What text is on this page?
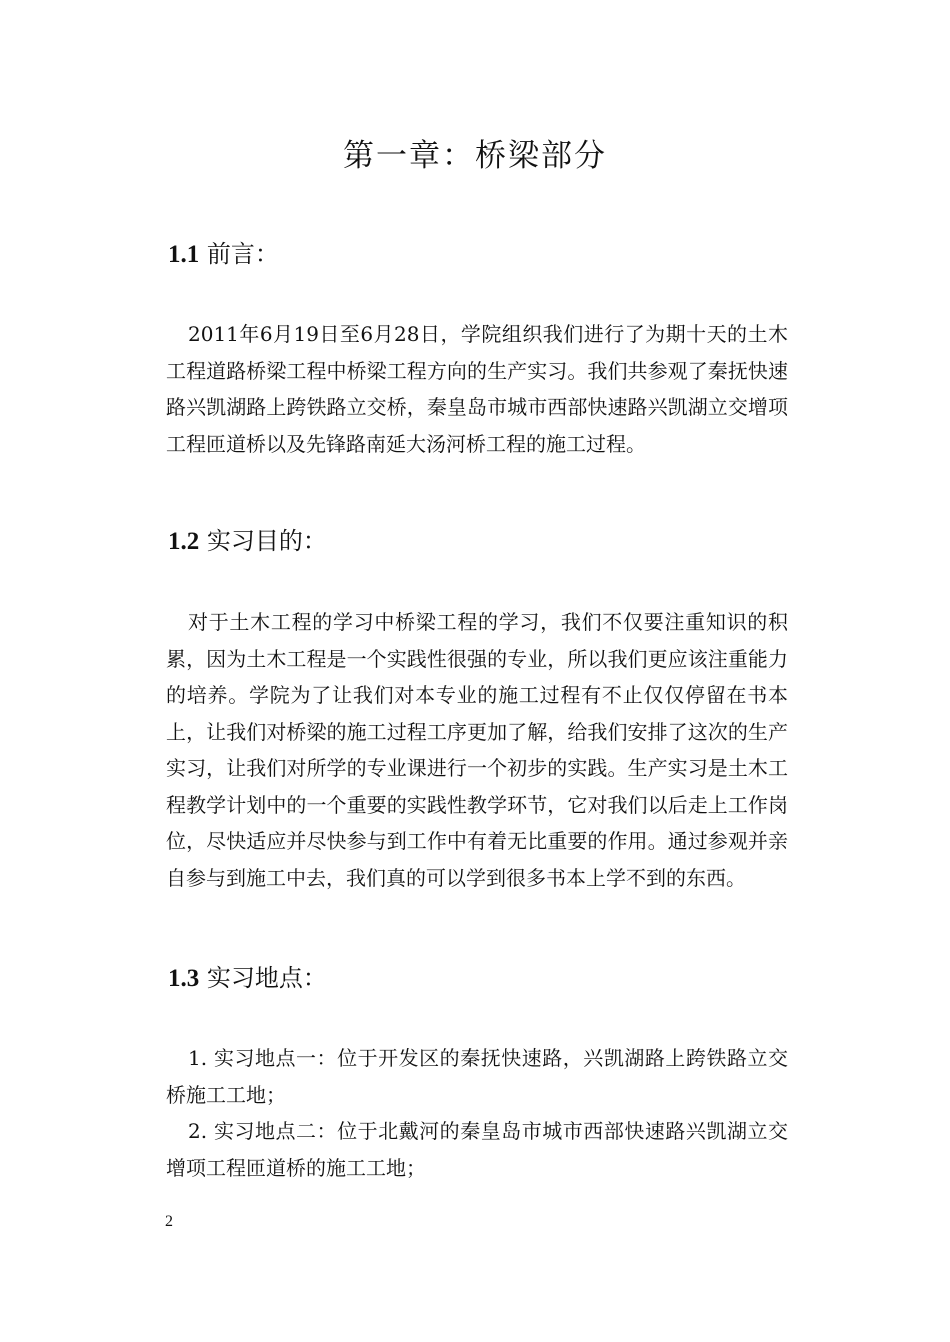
第一章：桥梁部分
1.1 前言：

2011年6月19日至6月28日，学院组织我们进行了为期十天的土木工程道路桥梁工程中桥梁工程方向的生产实习。我们共参观了秦抚快速路兴凯湖路上跨铁路立交桥，秦皇岛市城市西部快速路兴凯湖立交增项工程匝道桥以及先锋路南延大汤河桥工程的施工过程。

1.2 实习目的：

对于土木工程的学习中桥梁工程的学习，我们不仅要注重知识的积累，因为土木工程是一个实践性很强的专业，所以我们更应该注重能力的培养。学院为了让我们对本专业的施工过程有不止仅仅停留在书本上，让我们对桥梁的施工过程工序更加了解，给我们安排了这次的生产实习，让我们对所学的专业课进行一个初步的实践。生产实习是土木工程教学计划中的一个重要的实践性教学环节，它对我们以后走上工作岗位，尽快适应并尽快参与到工作中有着无比重要的作用。通过参观并亲自参与到施工中去，我们真的可以学到很多书本上学不到的东西。

1.3 实习地点：
1. 实习地点一：位于开发区的秦抚快速路，兴凯湖路上跨铁路立交桥施工工地；
2. 实习地点二：位于北戴河的秦皇岛市城市西部快速路兴凯湖立交增项工程匝道桥的施工工地；
2
